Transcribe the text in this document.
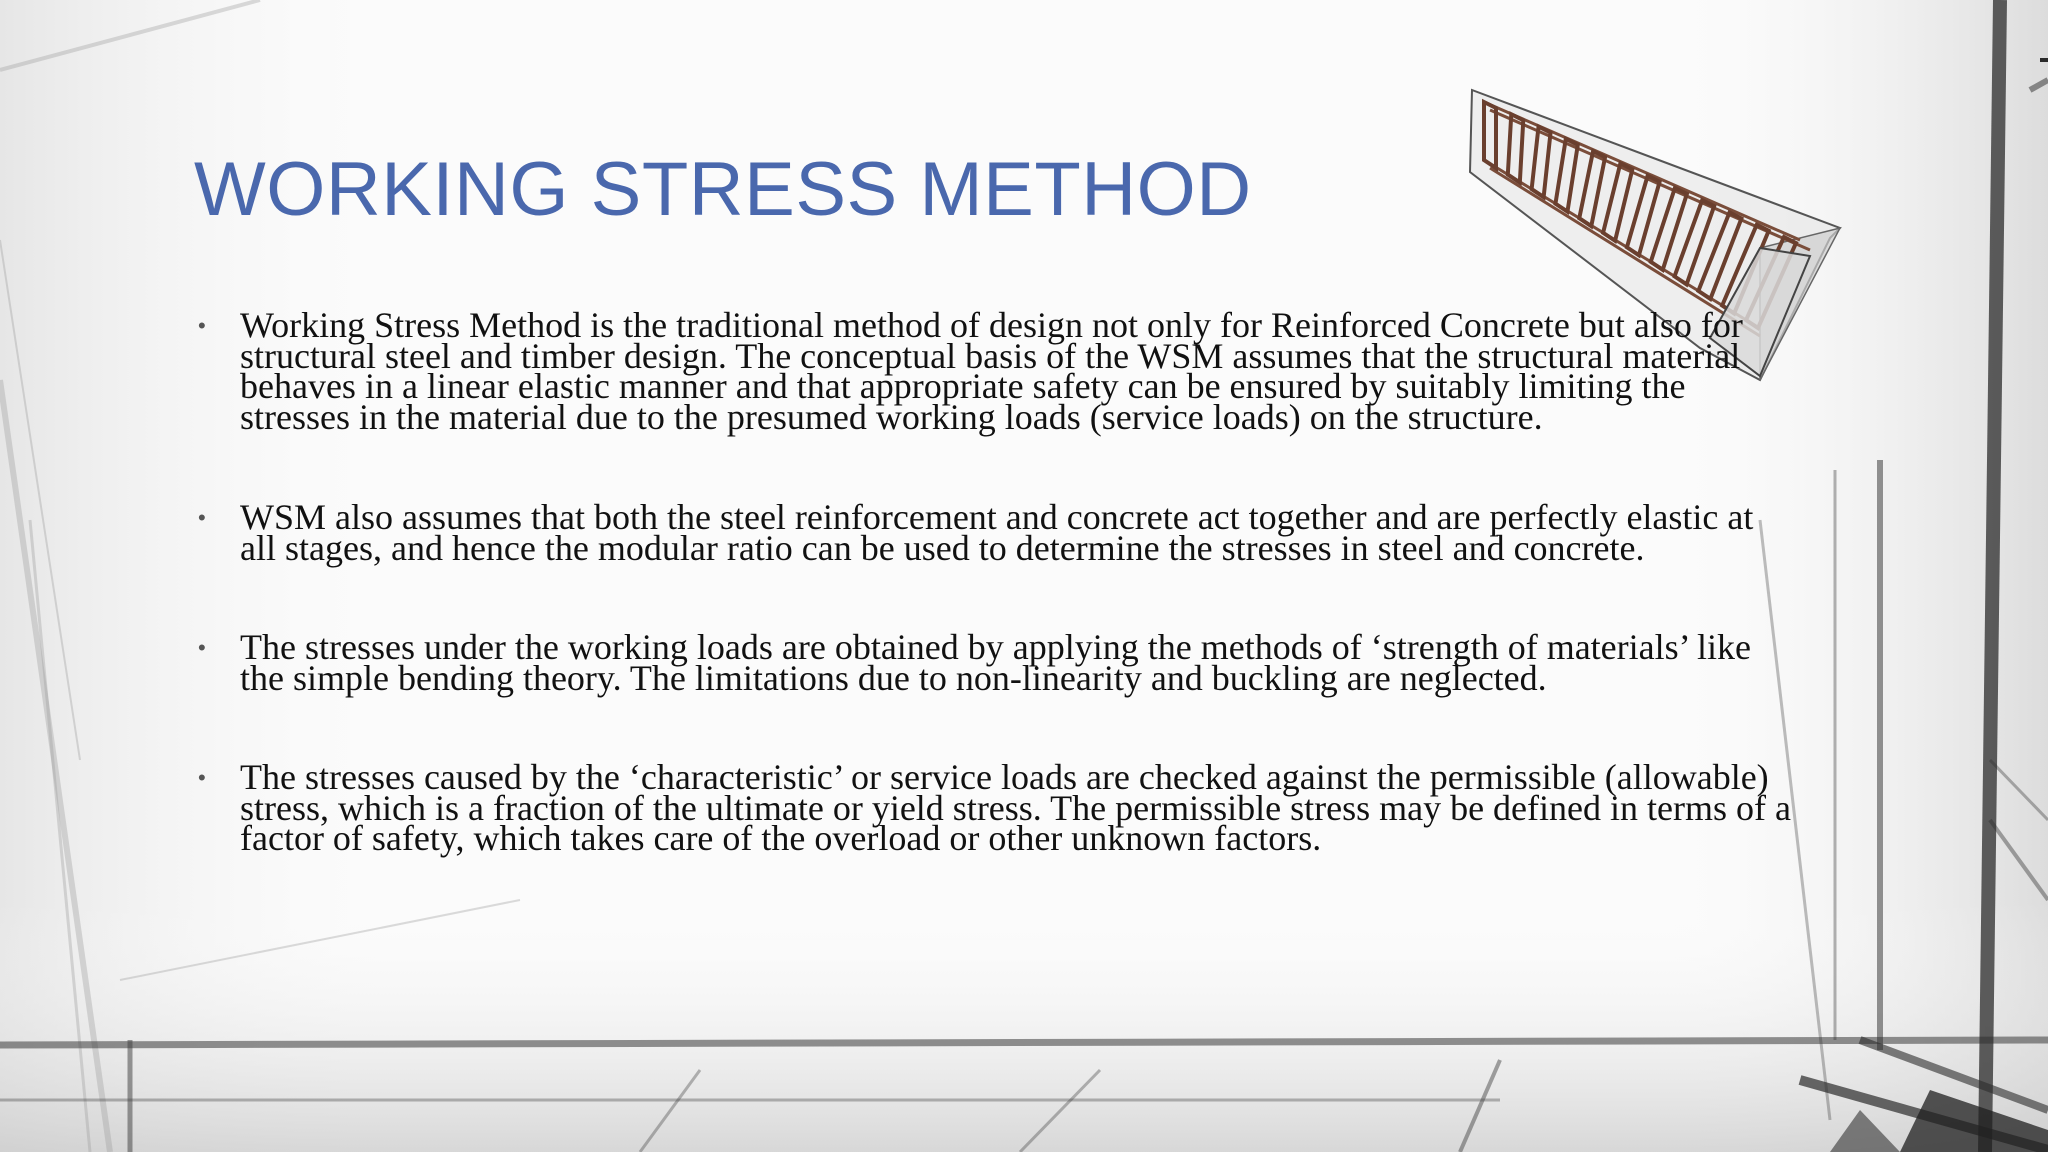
WORKING STRESS METHOD
• Working Stress Method is the traditional method of design not only for Reinforced Concrete but also for structural steel and timber design. The conceptual basis of the WSM assumes that the structural material behaves in a linear elastic manner and that appropriate safety can be ensured by suitably limiting the stresses in the material due to the presumed working loads (service loads) on the structure.
• WSM also assumes that both the steel reinforcement and concrete act together and are perfectly elastic at all stages, and hence the modular ratio can be used to determine the stresses in steel and concrete.
• The stresses under the working loads are obtained by applying the methods of ‘strength of materials’ like the simple bending theory. The limitations due to non-linearity and buckling are neglected.
• The stresses caused by the ‘characteristic’ or service loads are checked against the permissible (allowable) stress, which is a fraction of the ultimate or yield stress. The permissible stress may be defined in terms of a factor of safety, which takes care of the overload or other unknown factors.
